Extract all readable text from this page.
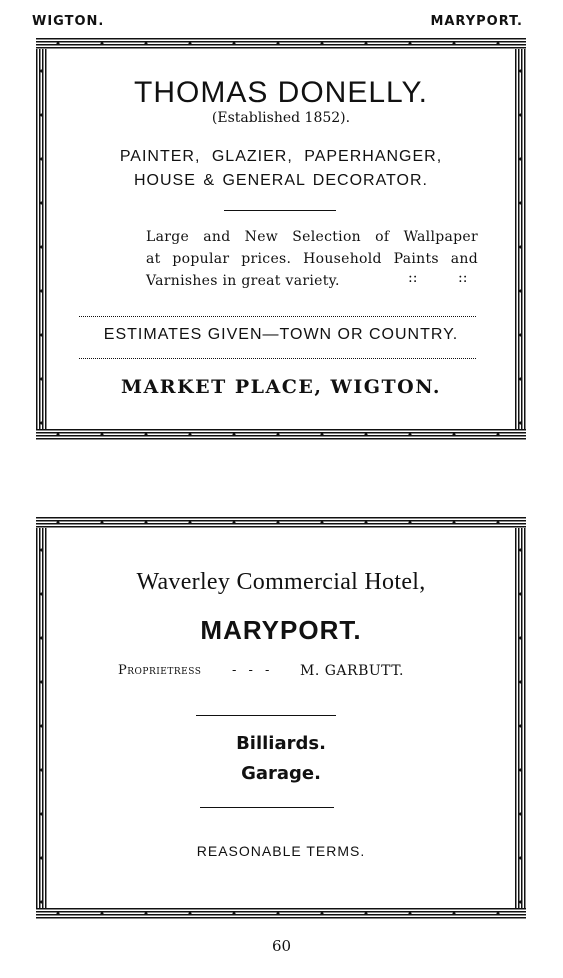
WIGTON.	MARYPORT.
THOMAS DONELLY.
(Established 1852).
PAINTER, GLAZIER, PAPERHANGER,
HOUSE & GENERAL DECORATOR.
Large and New Selection of Wallpaper
at popular prices. Household Paints and
Varnishes in great variety.	::	::
ESTIMATES GIVEN—TOWN OR COUNTRY.
MARKET PLACE, WIGTON.
Waverley Commercial Hotel,
MARYPORT.
Proprietress - - - M. GARBUTT.
Billiards.
Garage.
REASONABLE TERMS.
60
